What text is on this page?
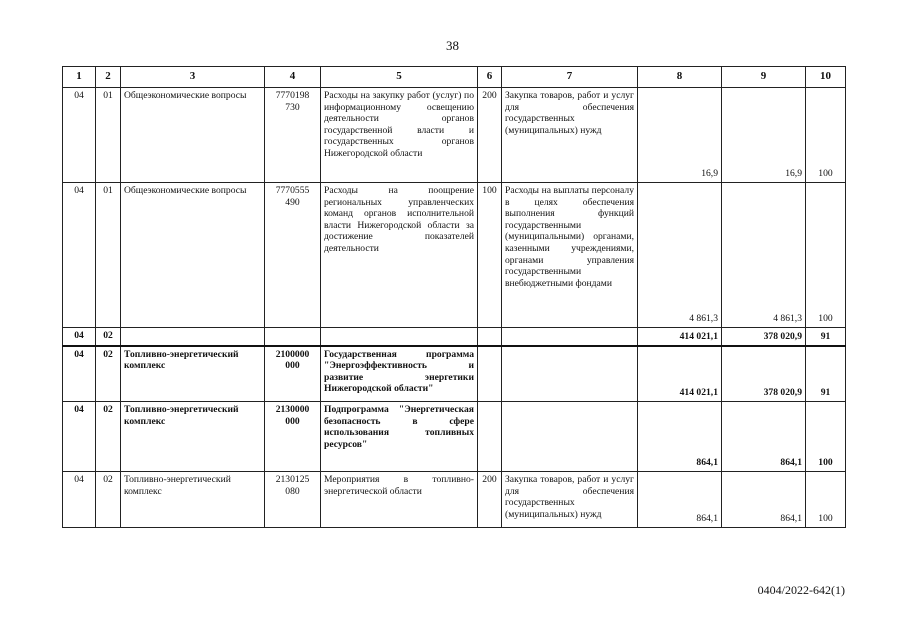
38
1	2	3	4	5	6	7	8	9	10
04	01	Общеэкономические вопросы	7770198 730	Расходы на закупку работ (услуг) по информационному освещению деятельности органов государственной власти и государственных органов Нижегородской области	200	Закупка товаров, работ и услуг для обеспечения государственных (муниципальных) нужд	16,9	16,9	100
04	01	Общеэкономические вопросы	7770555 490	Расходы на поощрение региональных управленческих команд органов исполнительной власти Нижегородской области за достижение показателей деятельности	100	Расходы на выплаты персоналу в целях обеспечения выполнения функций государственными (муниципальными) органами, казенными учреждениями, органами управления государственными внебюджетными фондами	4 861,3	4 861,3	100
04	02						414 021,1	378 020,9	91
04	02	Топливно-энергетический комплекс	2100000 000	Государственная программа "Энергоэффективность и развитие энергетики Нижегородской области"			414 021,1	378 020,9	91
04	02	Топливно-энергетический комплекс	2130000 000	Подпрограмма "Энергетическая безопасность в сфере использования топливных ресурсов"			864,1	864,1	100
04	02	Топливно-энергетический комплекс	2130125 080	Мероприятия в топливно-энергетической области	200	Закупка товаров, работ и услуг для обеспечения государственных (муниципальных) нужд	864,1	864,1	100
0404/2022-642(1)
